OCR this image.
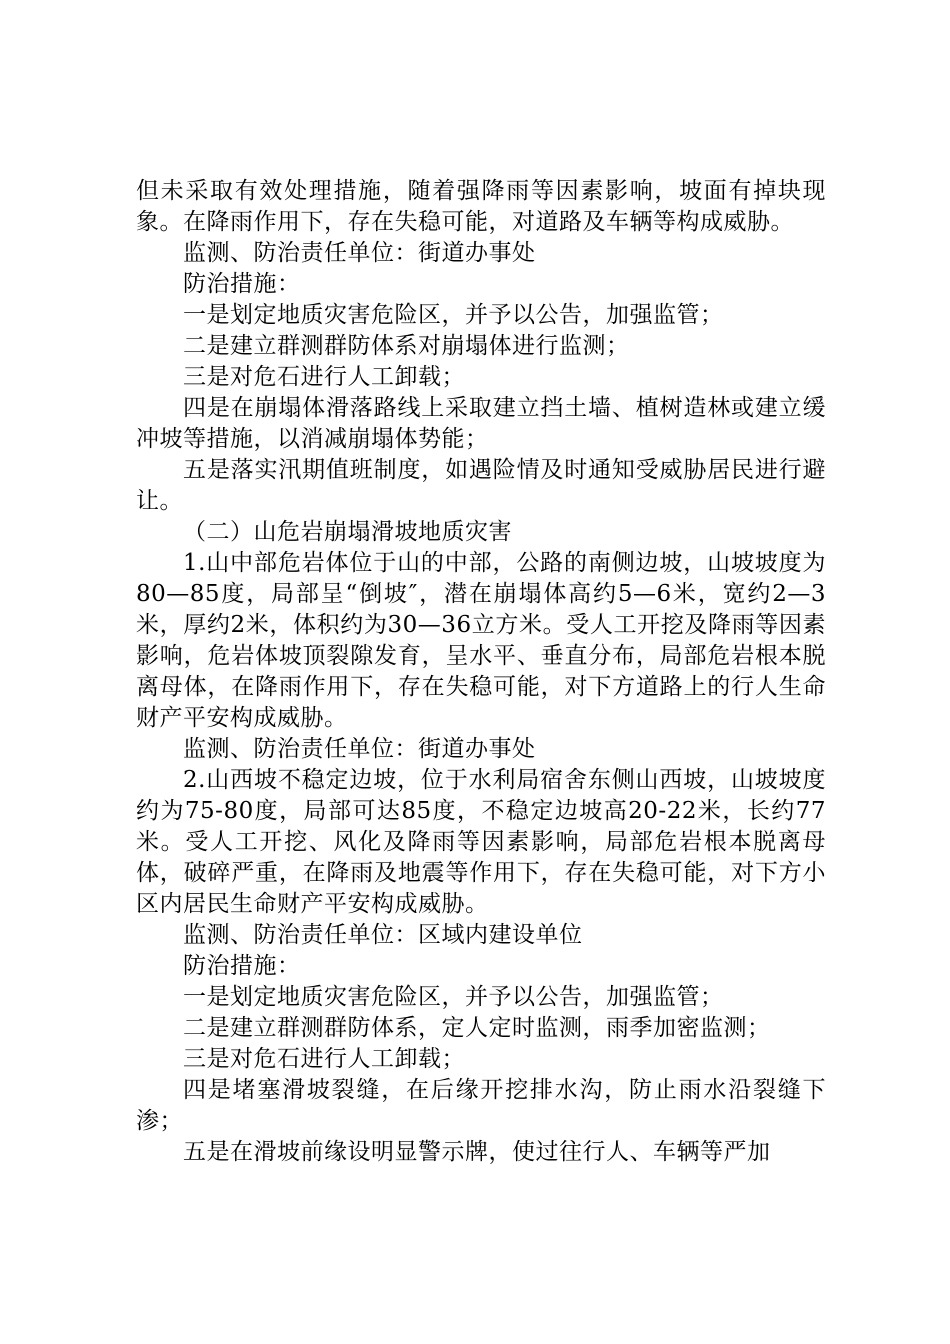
但未采取有效处理措施，随着强降雨等因素影响，坡面有掉块现象。在降雨作用下，存在失稳可能，对道路及车辆等构成威胁。

监测、防治责任单位：街道办事处

防治措施：

一是划定地质灾害危险区，并予以公告，加强监管；

二是建立群测群防体系对崩塌体进行监测；

三是对危石进行人工卸载；

四是在崩塌体滑落路线上采取建立挡土墙、植树造林或建立缓冲坡等措施，以消减崩塌体势能；

五是落实汛期值班制度，如遇险情及时通知受威胁居民进行避让。

（二）山危岩崩塌滑坡地质灾害

1.山中部危岩体位于山的中部，公路的南侧边坡，山坡坡度为80—85度，局部呈“倒坡″，潜在崩塌体高约5—6米，宽约2—3米，厚约2米，体积约为30—36立方米。受人工开挖及降雨等因素影响，危岩体坡顶裂隙发育，呈水平、垂直分布，局部危岩根本脱离母体，在降雨作用下，存在失稳可能，对下方道路上的行人生命财产平安构成威胁。

监测、防治责任单位：街道办事处

2.山西坡不稳定边坡，位于水利局宿舍东侧山西坡，山坡坡度约为75-80度，局部可达85度，不稳定边坡高20-22米，长约77米。受人工开挖、风化及降雨等因素影响，局部危岩根本脱离母体，破碎严重，在降雨及地震等作用下，存在失稳可能，对下方小区内居民生命财产平安构成威胁。

监测、防治责任单位：区域内建设单位

防治措施：

一是划定地质灾害危险区，并予以公告，加强监管；

二是建立群测群防体系，定人定时监测，雨季加密监测；

三是对危石进行人工卸载；

四是堵塞滑坡裂缝，在后缘开挖排水沟，防止雨水沿裂缝下渗；

五是在滑坡前缘设明显警示牌，使过往行人、车辆等严加
